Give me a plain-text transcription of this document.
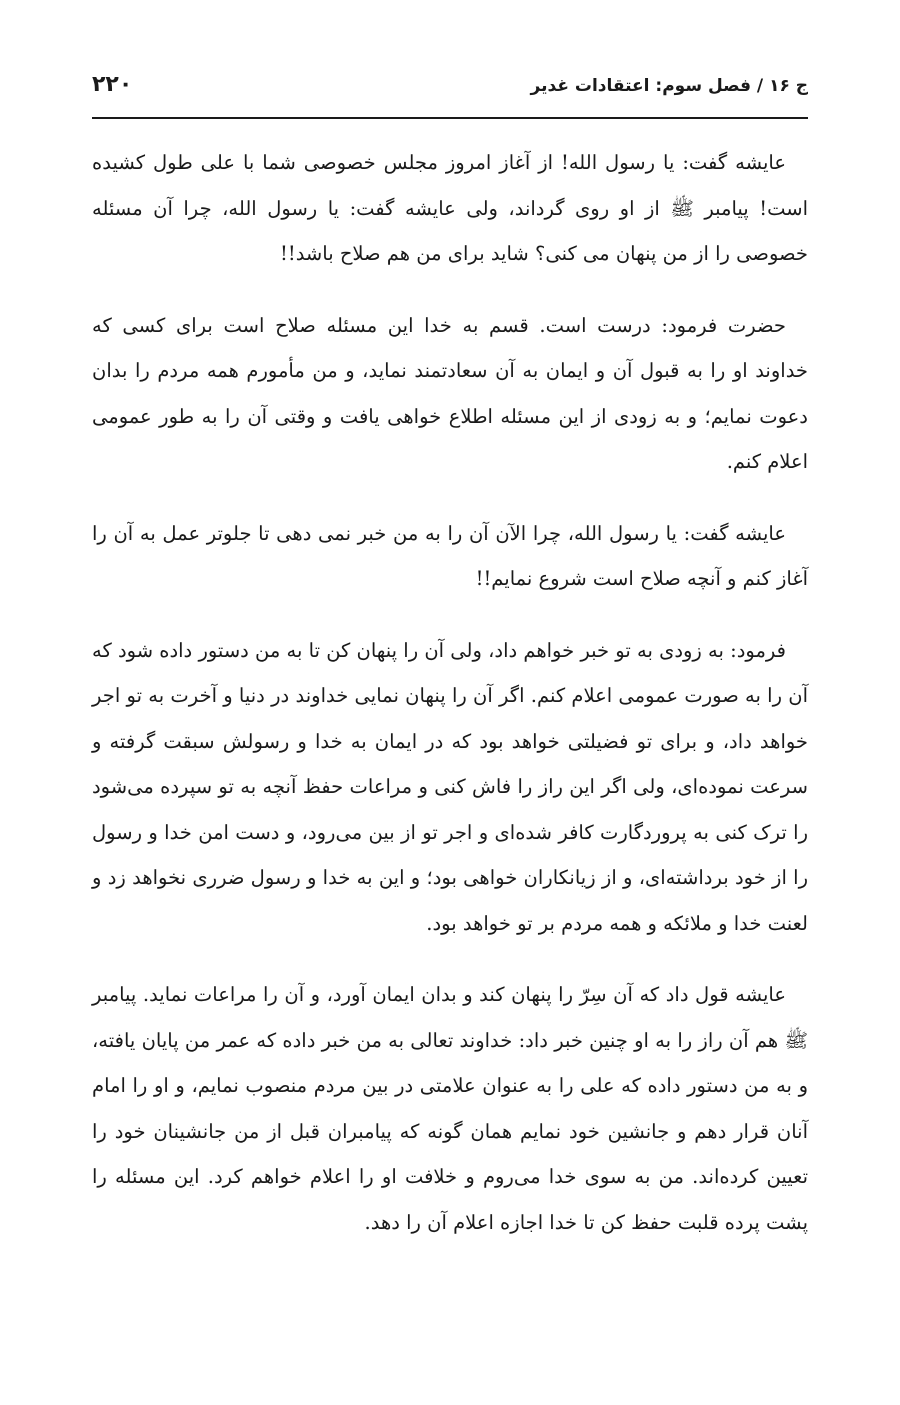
ج ۱۶ / فصل سوم: اعتقادات غدیر
۲۲۰

عایشه گفت: یا رسول الله! از آغاز امروز مجلس خصوصی شما با علی طول کشیده است! پیامبر ﷺ از او روی گرداند، ولی عایشه گفت: یا رسول الله، چرا آن مسئله خصوصی را از من پنهان می کنی؟ شاید برای من هم صلاح باشد!!

حضرت فرمود: درست است. قسم به خدا این مسئله صلاح است برای کسی که خداوند او را به قبول آن و ایمان به آن سعادتمند نماید، و من مأمورم همه مردم را بدان دعوت نمایم؛ و به زودی از این مسئله اطلاع خواهی یافت و وقتی آن را به طور عمومی اعلام کنم.

عایشه گفت: یا رسول الله، چرا الآن آن را به من خبر نمی دهی تا جلوتر عمل به آن را آغاز کنم و آنچه صلاح است شروع نمایم!!

فرمود: به زودی به تو خبر خواهم داد، ولی آن را پنهان کن تا به من دستور داده شود که آن را به صورت عمومی اعلام کنم. اگر آن را پنهان نمایی خداوند در دنیا و آخرت به تو اجر خواهد داد، و برای تو فضیلتی خواهد بود که در ایمان به خدا و رسولش سبقت گرفته و سرعت نموده‌ای، ولی اگر این راز را فاش کنی و مراعات حفظ آنچه به تو سپرده می‌شود را ترک کنی به پروردگارت کافر شده‌ای و اجر تو از بین می‌رود، و دست امن خدا و رسول را از خود برداشته‌ای، و از زیانکاران خواهی بود؛ و این به خدا و رسول ضرری نخواهد زد و لعنت خدا و ملائکه و همه مردم بر تو خواهد بود.

عایشه قول داد که آن سِرّ را پنهان کند و بدان ایمان آورد، و آن را مراعات نماید. پیامبر ﷺ هم آن راز را به او چنین خبر داد: خداوند تعالی به من خبر داده که عمر من پایان یافته، و به من دستور داده که علی را به عنوان علامتی در بین مردم منصوب نمایم، و او را امام آنان قرار دهم و جانشین خود نمایم همان گونه که پیامبران قبل از من جانشینان خود را تعیین کرده‌اند. من به سوی خدا می‌روم و خلافت او را اعلام خواهم کرد. این مسئله را پشت پرده قلبت حفظ کن تا خدا اجازه اعلام آن را دهد.
